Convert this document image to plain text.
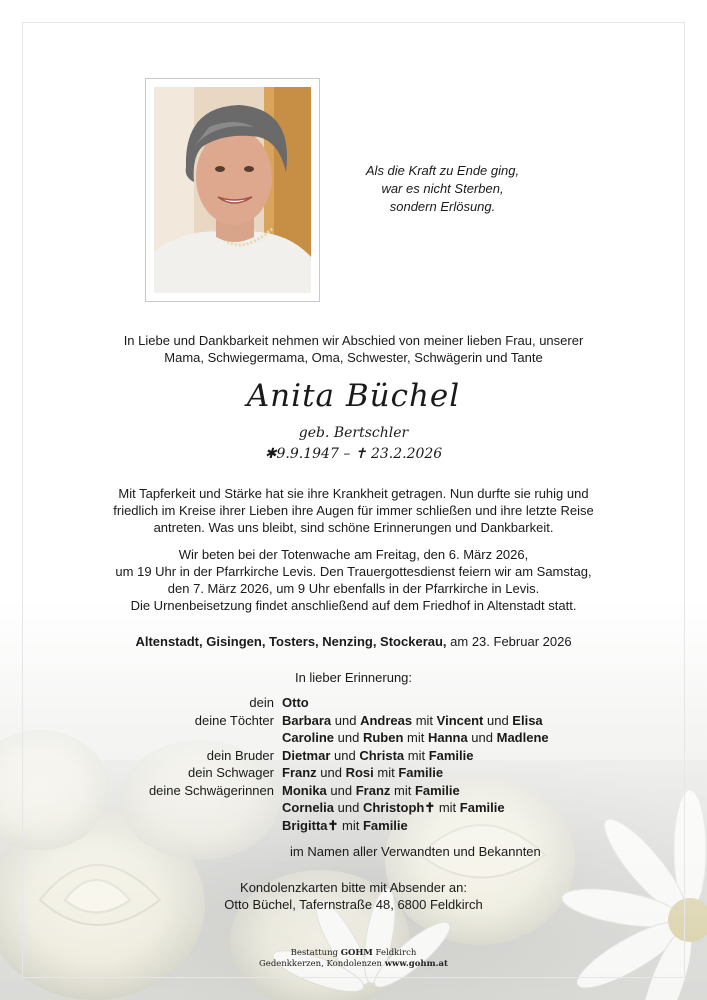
Als die Kraft zu Ende ging,
war es nicht Sterben,
sondern Erlösung.
In Liebe und Dankbarkeit nehmen wir Abschied von meiner lieben Frau, unserer
Mama, Schwiegermama, Oma, Schwester, Schwägerin und Tante
Anita Büchel
geb. Bertschler
✱9.9.1947 – ✝ 23.2.2026
Mit Tapferkeit und Stärke hat sie ihre Krankheit getragen. Nun durfte sie ruhig und
friedlich im Kreise ihrer Lieben ihre Augen für immer schließen und ihre letzte Reise
antreten. Was uns bleibt, sind schöne Erinnerungen und Dankbarkeit.
Wir beten bei der Totenwache am Freitag, den 6. März 2026,
um 19 Uhr in der Pfarrkirche Levis. Den Trauergottesdienst feiern wir am Samstag,
den 7. März 2026, um 9 Uhr ebenfalls in der Pfarrkirche in Levis.
Die Urnenbeisetzung findet anschließend auf dem Friedhof in Altenstadt statt.
Altenstadt, Gisingen, Tosters, Nenzing, Stockerau, am 23. Februar 2026
In lieber Erinnerung:
dein Otto
deine Töchter Barbara und Andreas mit Vincent und Elisa
Caroline und Ruben mit Hanna und Madlene
dein Bruder Dietmar und Christa mit Familie
dein Schwager Franz und Rosi mit Familie
deine Schwägerinnen Monika und Franz mit Familie
Cornelia und Christoph✝ mit Familie
Brigitta✝ mit Familie
im Namen aller Verwandten und Bekannten
Kondolenzkarten bitte mit Absender an:
Otto Büchel, Tafernstraße 48, 6800 Feldkirch
Bestattung GOHM Feldkirch
Gedenkkerzen, Kondolenzen www.gohm.at
